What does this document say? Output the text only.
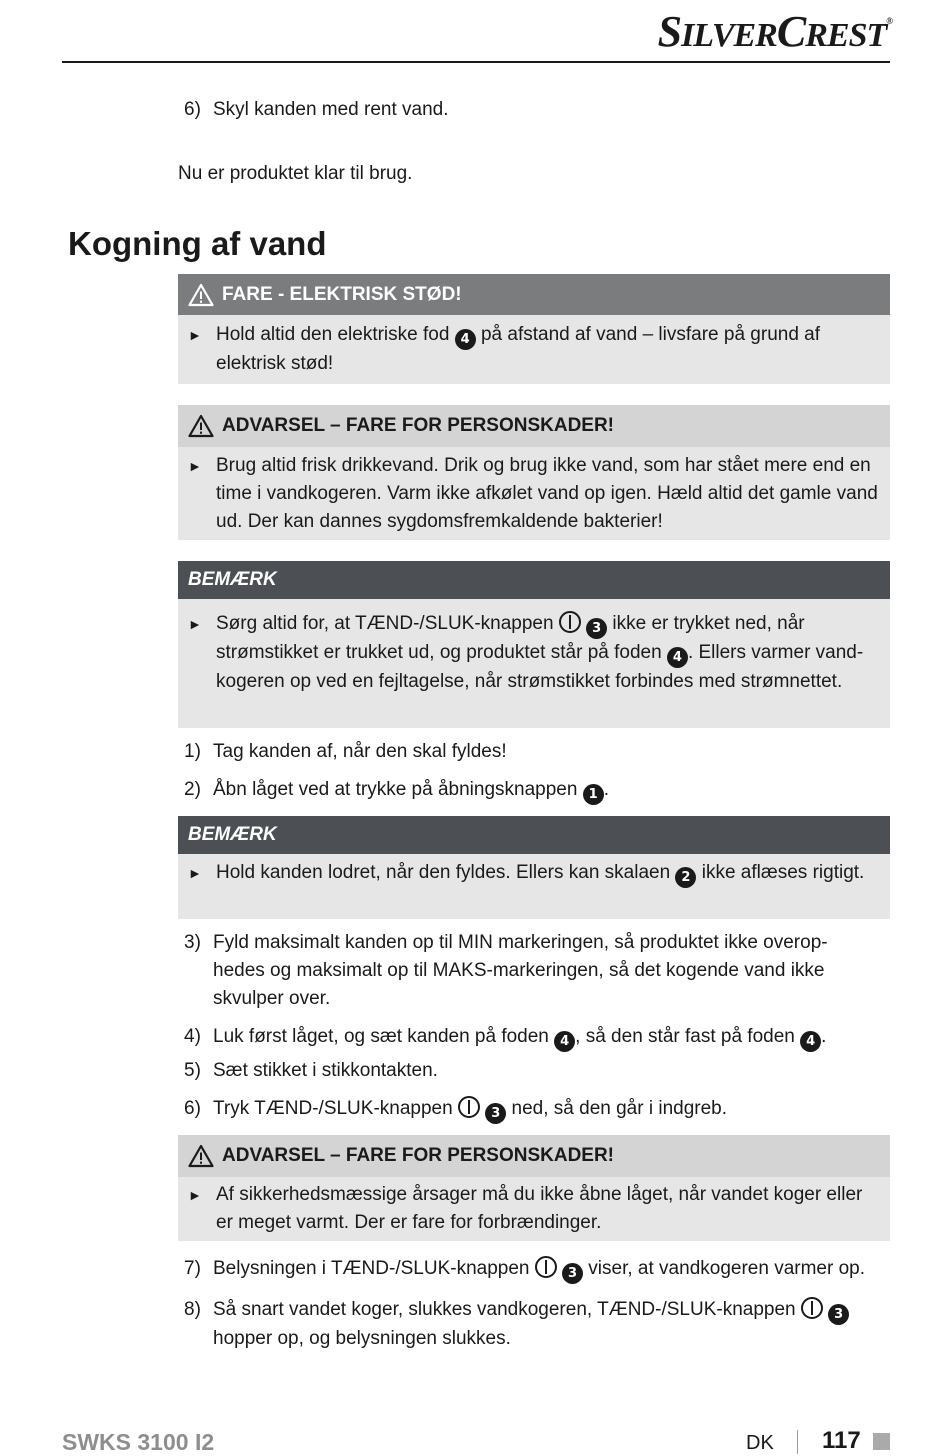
SILVERCREST®
6) Skyl kanden med rent vand.
Nu er produktet klar til brug.
Kogning af vand
FARE - ELEKTRISK STØD!
► Hold altid den elektriske fod 4 på afstand af vand – livsfare på grund af elektrisk stød!
ADVARSEL – FARE FOR PERSONSKADER!
► Brug altid frisk drikkevand. Drik og brug ikke vand, som har stået mere end en time i vandkogeren. Varm ikke afkølet vand op igen. Hæld altid det gamle vand ud. Der kan dannes sygdomsfremkaldende bakterier!
BEMÆRK
► Sørg altid for, at TÆND-/SLUK-knappen	3 ikke er trykket ned, når strømstikket er trukket ud, og produktet står på foden 4 . Ellers varmer vand-kogeren op ved en fejltagelse, når strømstikket forbindes med strømnettet.
1) Tag kanden af, når den skal fyldes!
2) Åbn låget ved at trykke på åbningsknappen 1 .
BEMÆRK
► Hold kanden lodret, når den fyldes. Ellers kan skalaen 2 ikke aflæses rigtigt.
3) Fyld maksimalt kanden op til MIN markeringen, så produktet ikke overop-hedes og maksimalt op til MAKS-markeringen, så det kogende vand ikke skvulper over.
4) Luk først låget, og sæt kanden på foden 4 , så den står fast på foden 4 .
5) Sæt stikket i stikkontakten.
6) Tryk TÆND-/SLUK-knappen	3 ned, så den går i indgreb.
ADVARSEL – FARE FOR PERSONSKADER!
► Af sikkerhedsmæssige årsager må du ikke åbne låget, når vandet koger eller er meget varmt. Der er fare for forbrændinger.
7) Belysningen i TÆND-/SLUK-knappen	3 viser, at vandkogeren varmer op.
8) Så snart vandet koger, slukkes vandkogeren, TÆND-/SLUK-knappen	3 hopper op, og belysningen slukkes.
SWKS 3100 I2	DK 117
